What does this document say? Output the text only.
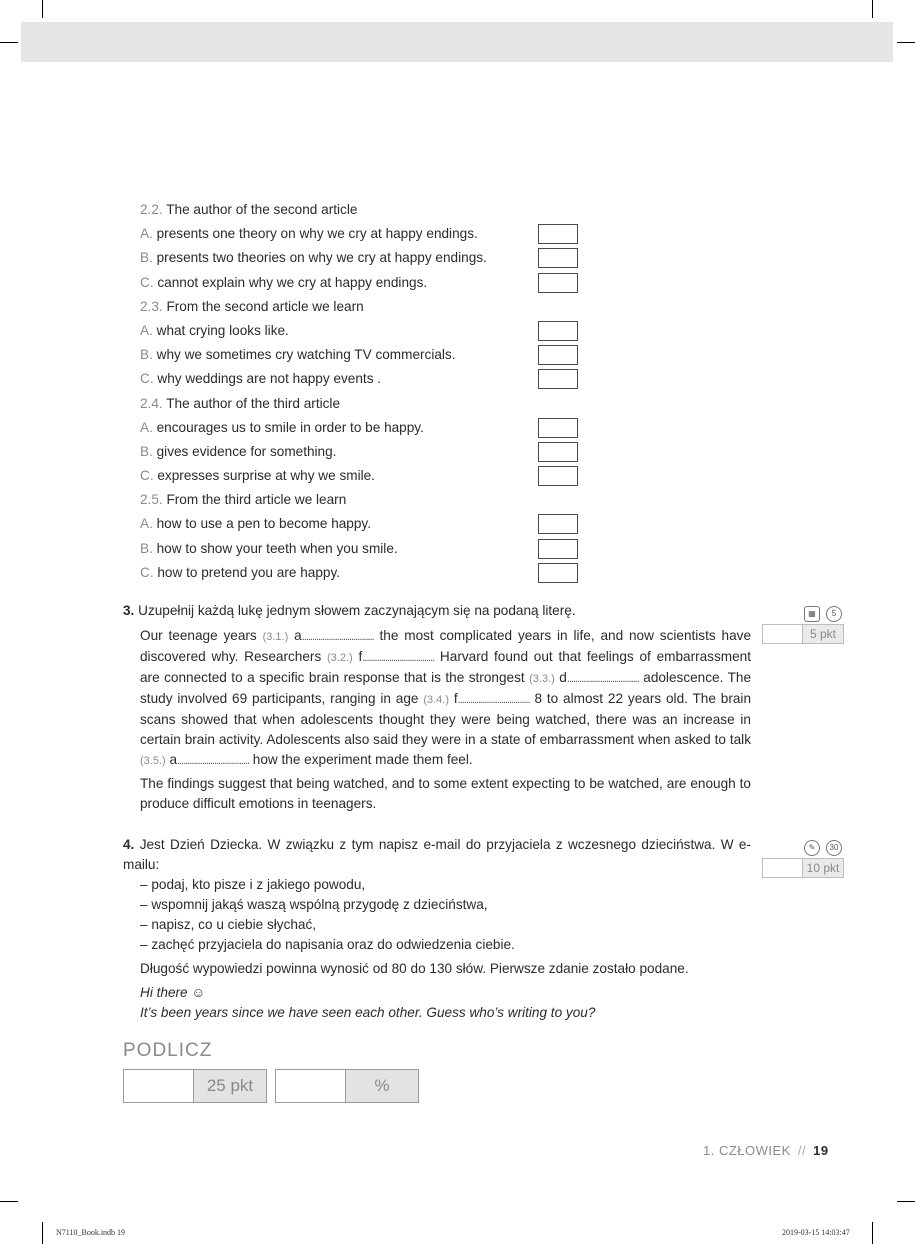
2.2. The author of the second article
A. presents one theory on why we cry at happy endings.
B. presents two theories on why we cry at happy endings.
C. cannot explain why we cry at happy endings.
2.3. From the second article we learn
A. what crying looks like.
B. why we sometimes cry watching TV commercials.
C. why weddings are not happy events .
2.4. The author of the third article
A. encourages us to smile in order to be happy.
B. gives evidence for something.
C. expresses surprise at why we smile.
2.5. From the third article we learn
A. how to use a pen to become happy.
B. how to show your teeth when you smile.
C. how to pretend you are happy.
3. Uzupełnij każdą lukę jednym słowem zaczynającym się na podaną literę.	▦	5
5 pkt
Our teenage years (3.1.) a................................... the most complicated years in life, and now scientists have discovered why. Researchers (3.2.) f................................... Harvard found out that feelings of embarrassment are connected to a specific brain response that is the strongest (3.3.) d................................... adolescence. The study involved 69 participants, ranging in age (3.4.) f................................... 8 to almost 22 years old. The brain scans showed that when adolescents thought they were being watched, there was an increase in certain brain activity. Adolescents also said they were in a state of embarrassment when asked to talk (3.5.) a................................... how the experiment made them feel.
The findings suggest that being watched, and to some extent expecting to be watched, are enough to produce difficult emotions in teenagers.
4. Jest Dzień Dziecka. W związku z tym napisz e-mail do przyjaciela z wczesnego dzieciństwa. W e-mailu:
✎	30
10 pkt
– podaj, kto pisze i z jakiego powodu,
– wspomnij jakąś waszą wspólną przygodę z dzieciństwa,
– napisz, co u ciebie słychać,
– zachęć przyjaciela do napisania oraz do odwiedzenia ciebie.
Długość wypowiedzi powinna wynosić od 80 do 130 słów. Pierwsze zdanie zostało podane.
Hi there ☺
It’s been years since we have seen each other. Guess who’s writing to you?
PODLICZ
25 pkt	%
1. CZŁOWIEK // 19
N7110_Book.indb 19	2019-03-15 14:03:47
